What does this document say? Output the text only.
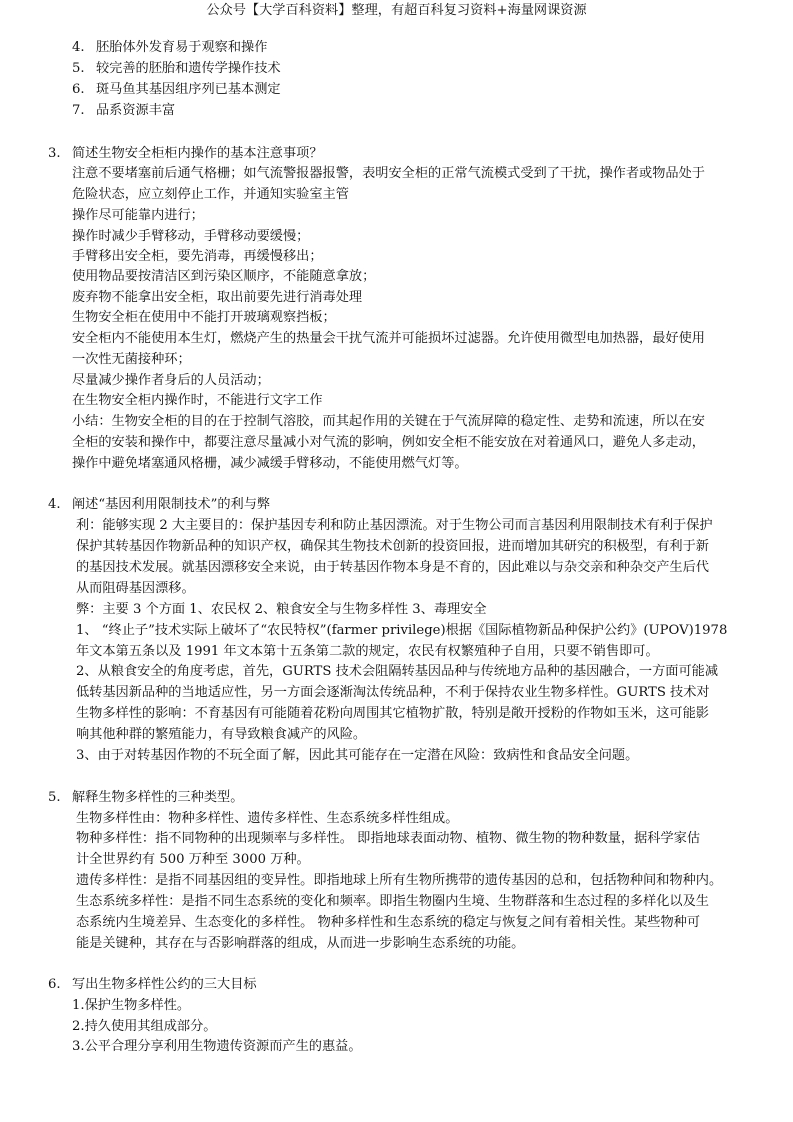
公众号【大学百科资料】整理，有超百科复习资料+海量网课资源
4. 胚胎体外发育易于观察和操作
5. 较完善的胚胎和遗传学操作技术
6. 斑马鱼其基因组序列已基本测定
7. 品系资源丰富
3. 简述生物安全柜柜内操作的基本注意事项？
注意不要堵塞前后通气格栅；如气流警报器报警，表明安全柜的正常气流模式受到了干扰，操作者或物品处于
危险状态，应立刻停止工作，并通知实验室主管
操作尽可能靠内进行；
操作时减少手臂移动，手臂移动要缓慢；
手臂移出安全柜，要先消毒，再缓慢移出；
使用物品要按清洁区到污染区顺序，不能随意拿放；
废弃物不能拿出安全柜，取出前要先进行消毒处理
生物安全柜在使用中不能打开玻璃观察挡板；
安全柜内不能使用本生灯，燃烧产生的热量会干扰气流并可能损坏过滤器。允许使用微型电加热器，最好使用
一次性无菌接种环；
尽量减少操作者身后的人员活动；
在生物安全柜内操作时，不能进行文字工作
小结：生物安全柜的目的在于控制气溶胶，而其起作用的关键在于气流屏障的稳定性、走势和流速，所以在安
全柜的安装和操作中，都要注意尽量减小对气流的影响，例如安全柜不能安放在对着通风口，避免人多走动，
操作中避免堵塞通风格栅，减少减缓手臂移动，不能使用燃气灯等。
4. 阐述“基因利用限制技术”的利与弊
利：能够实现 2 大主要目的：保护基因专利和防止基因漂流。对于生物公司而言基因利用限制技术有利于保护
保护其转基因作物新品种的知识产权，确保其生物技术创新的投资回报，进而增加其研究的积极型，有利于新
的基因技术发展。就基因漂移安全来说，由于转基因作物本身是不育的，因此难以与杂交亲和种杂交产生后代
从而阻碍基因漂移。
弊：主要 3 个方面 1、农民权 2、粮食安全与生物多样性 3、毒理安全
1、 “终止子”技术实际上破坏了“农民特权”(farmer privilege)根据《国际植物新品种保护公约》(UPOV)1978
年文本第五条以及 1991 年文本第十五条第二款的规定，农民有权繁殖种子自用，只要不销售即可。
2、从粮食安全的角度考虑，首先，GURTS 技术会阻隔转基因品种与传统地方品种的基因融合，一方面可能减
低转基因新品种的当地适应性，另一方面会逐渐淘汰传统品种，不利于保持农业生物多样性。GURTS 技术对
生物多样性的影响：不育基因有可能随着花粉向周围其它植物扩散，特别是敞开授粉的作物如玉米，这可能影
响其他种群的繁殖能力，有导致粮食减产的风险。
3、由于对转基因作物的不玩全面了解，因此其可能存在一定潜在风险：致病性和食品安全问题。
5. 解释生物多样性的三种类型。
生物多样性由：物种多样性、遗传多样性、生态系统多样性组成。
物种多样性：指不同物种的出现频率与多样性。 即指地球表面动物、植物、微生物的物种数量，据科学家估
计全世界约有 500 万种至 3000 万种。
遗传多样性：是指不同基因组的变异性。即指地球上所有生物所携带的遗传基因的总和，包括物种间和物种内。
生态系统多样性：是指不同生态系统的变化和频率。即指生物圈内生境、生物群落和生态过程的多样化以及生
态系统内生境差异、生态变化的多样性。 物种多样性和生态系统的稳定与恢复之间有着相关性。某些物种可
能是关键种，其存在与否影响群落的组成，从而进一步影响生态系统的功能。
6. 写出生物多样性公约的三大目标
1.保护生物多样性。
2.持久使用其组成部分。
3.公平合理分享利用生物遗传资源而产生的惠益。
